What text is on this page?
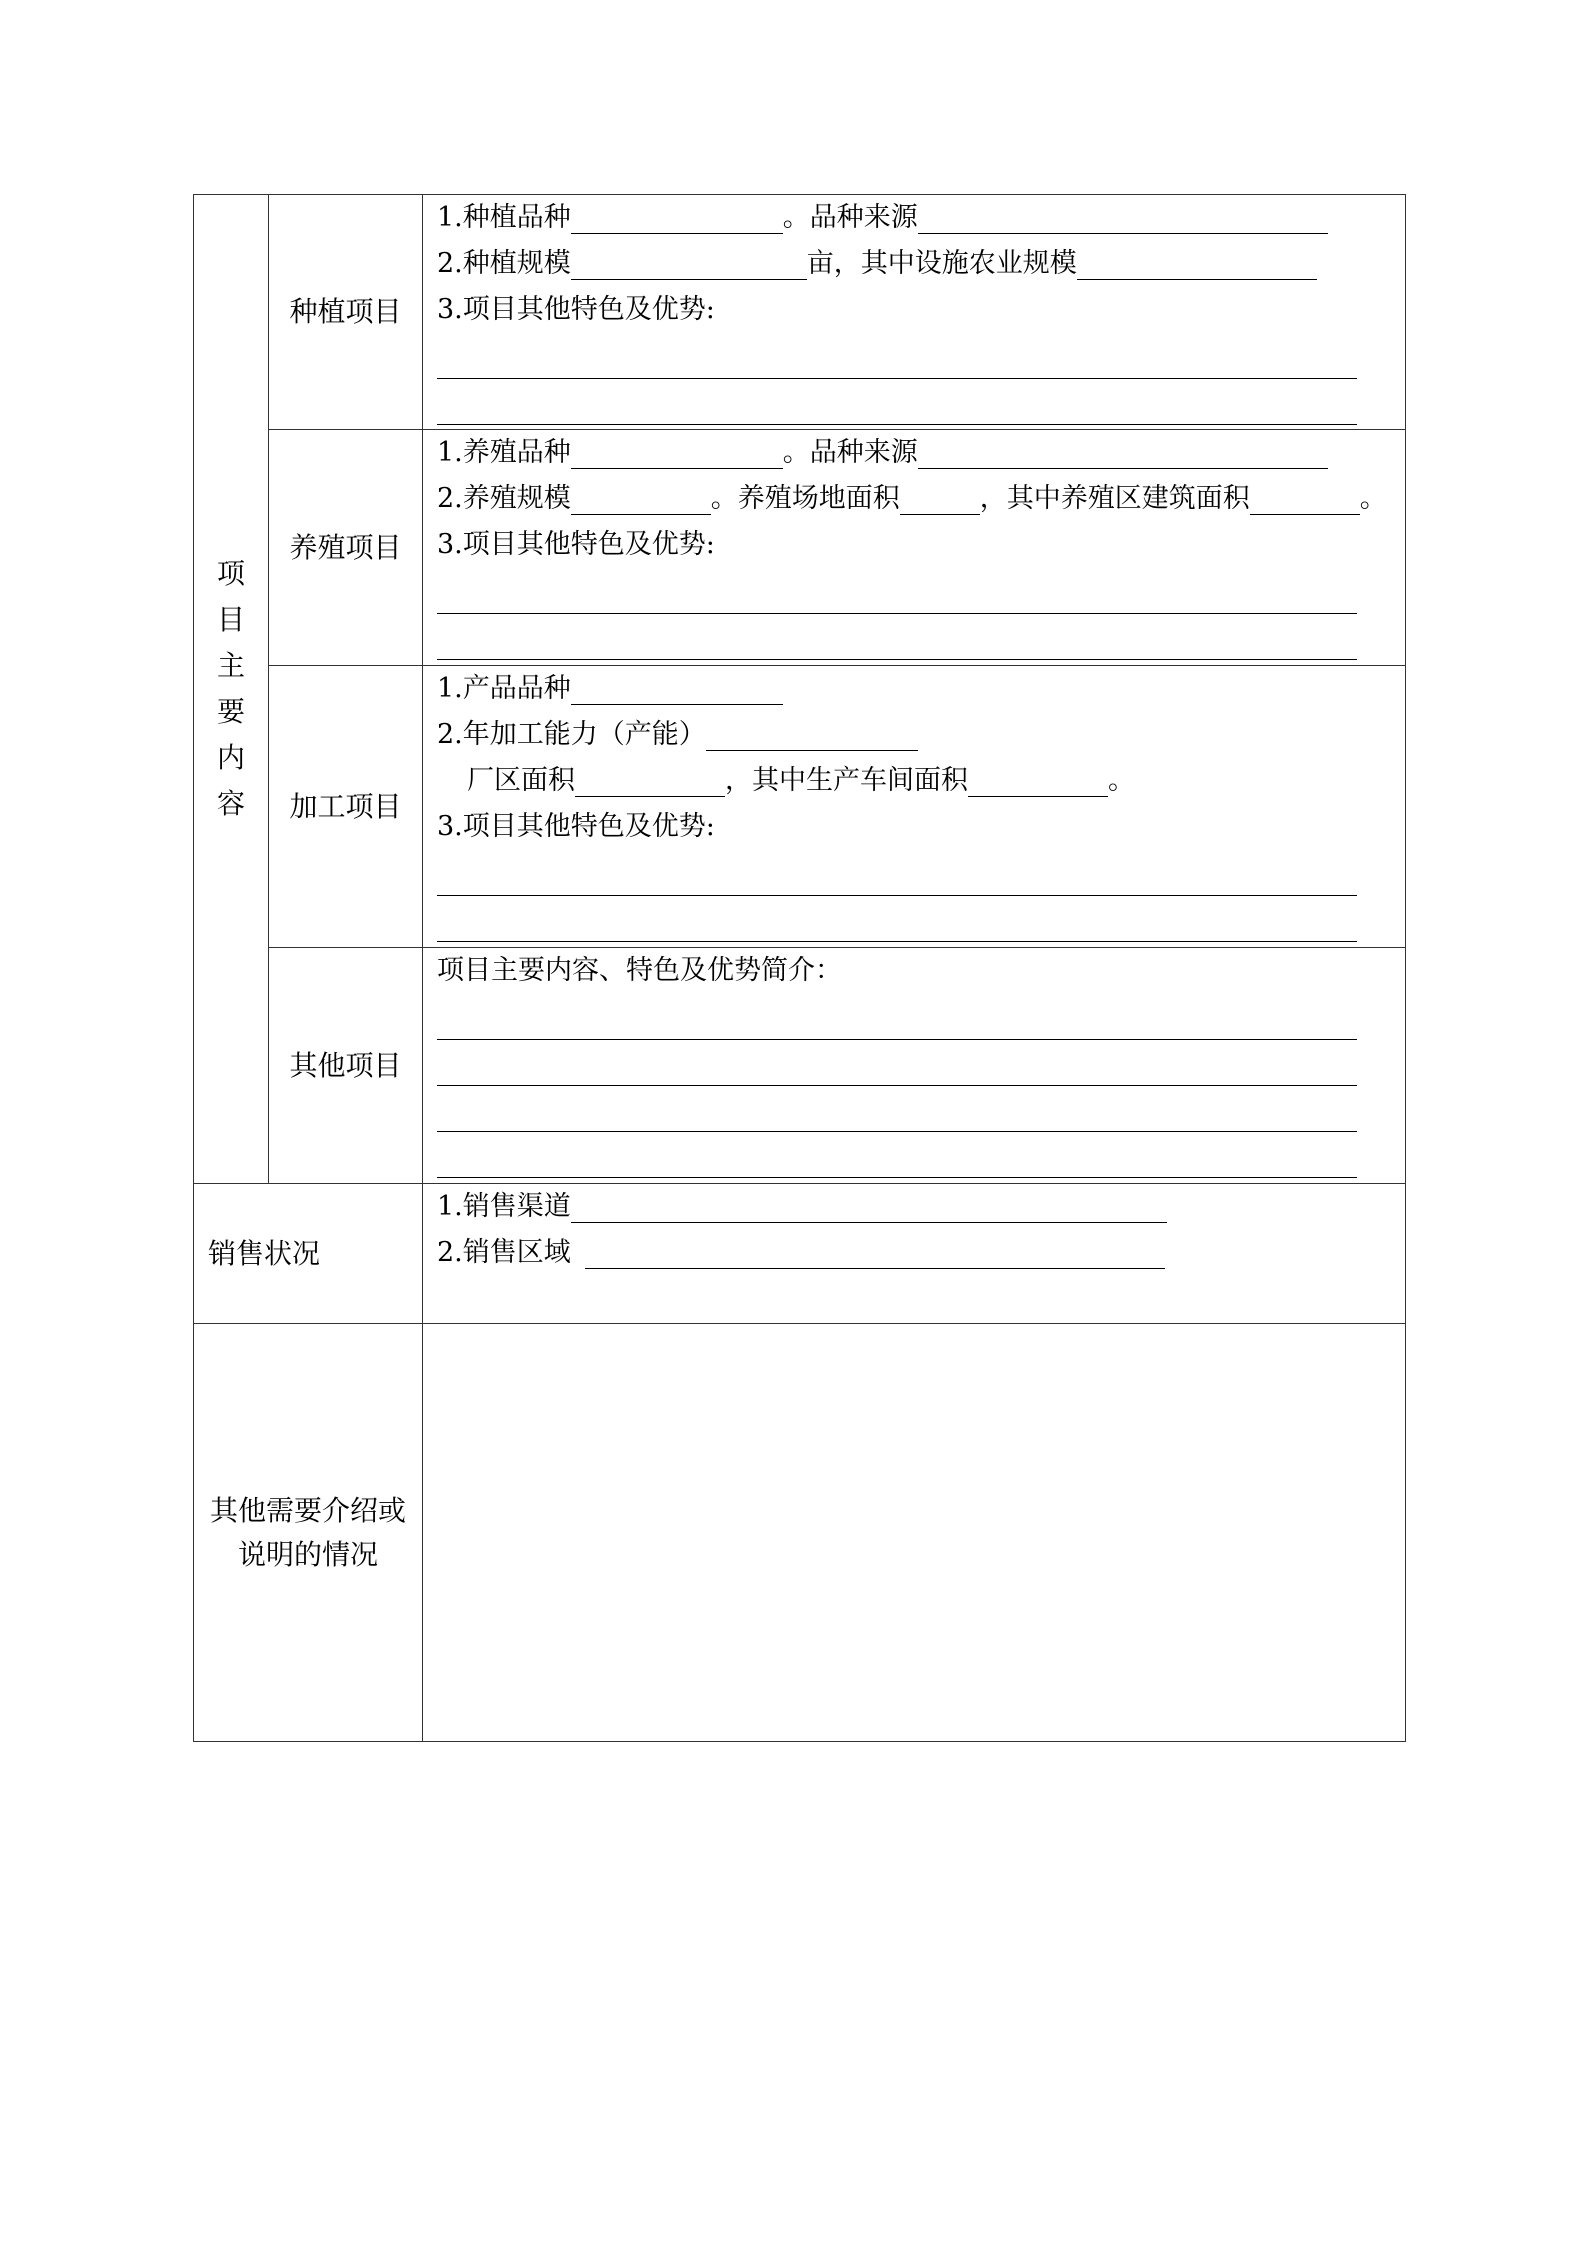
项目主要内容	种植项目	1.种植品种 。品种来源
2.种植规模 亩，其中设施农业规模
3.项目其他特色及优势:

	养殖项目	1.养殖品种 。品种来源
2.养殖规模 。养殖场地面积 ，其中养殖区建筑面积 。
3.项目其他特色及优势:

	加工项目	1.产品品种
2.年加工能力（产能）
厂区面积 ，其中生产车间面积 。
3.项目其他特色及优势:

	其他项目	项目主要内容、特色及优势简介：

销售状况		1.销售渠道
2.销售区域

其他需要介绍或
说明的情况		
